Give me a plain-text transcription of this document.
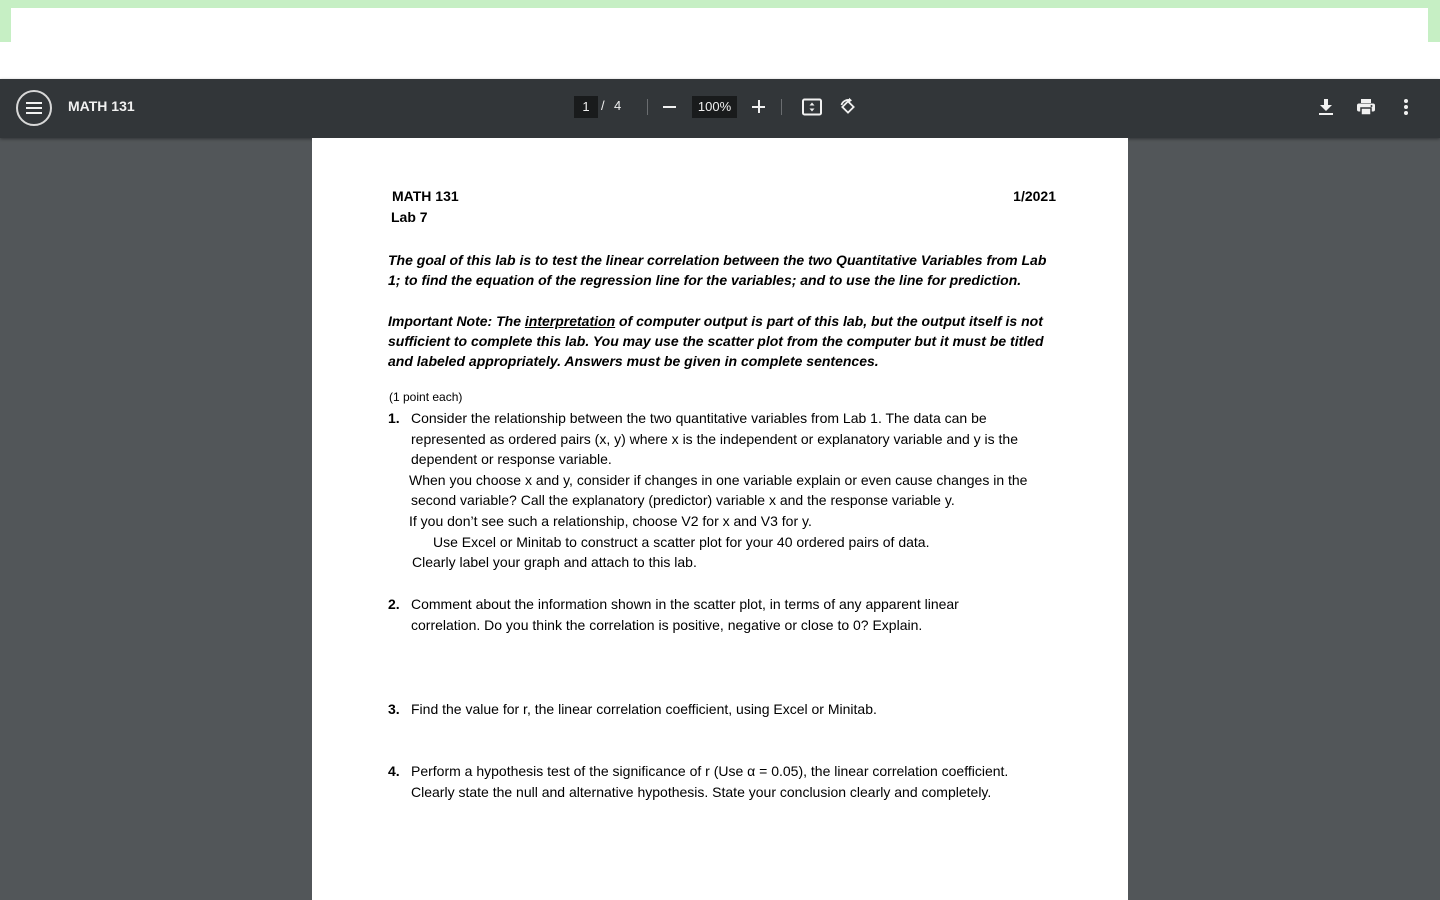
MATH 131	1 / 4	100%
MATH 131
Lab 7
1/2021
The goal of this lab is to test the linear correlation between the two Quantitative Variables from Lab
1; to find the equation of the regression line for the variables; and to use the line for prediction.
Important Note: The interpretation of computer output is part of this lab, but the output itself is not
sufficient to complete this lab. You may use the scatter plot from the computer but it must be titled
and labeled appropriately. Answers must be given in complete sentences.
(1 point each)
1. Consider the relationship between the two quantitative variables from Lab 1. The data can be
represented as ordered pairs (x, y) where x is the independent or explanatory variable and y is the
dependent or response variable.
When you choose x and y, consider if changes in one variable explain or even cause changes in the
second variable? Call the explanatory (predictor) variable x and the response variable y.
If you don’t see such a relationship, choose V2 for x and V3 for y.
Use Excel or Minitab to construct a scatter plot for your 40 ordered pairs of data.
Clearly label your graph and attach to this lab.
2. Comment about the information shown in the scatter plot, in terms of any apparent linear
correlation. Do you think the correlation is positive, negative or close to 0? Explain.
3. Find the value for r, the linear correlation coefficient, using Excel or Minitab.
4. Perform a hypothesis test of the significance of r (Use α = 0.05), the linear correlation coefficient.
Clearly state the null and alternative hypothesis. State your conclusion clearly and completely.
